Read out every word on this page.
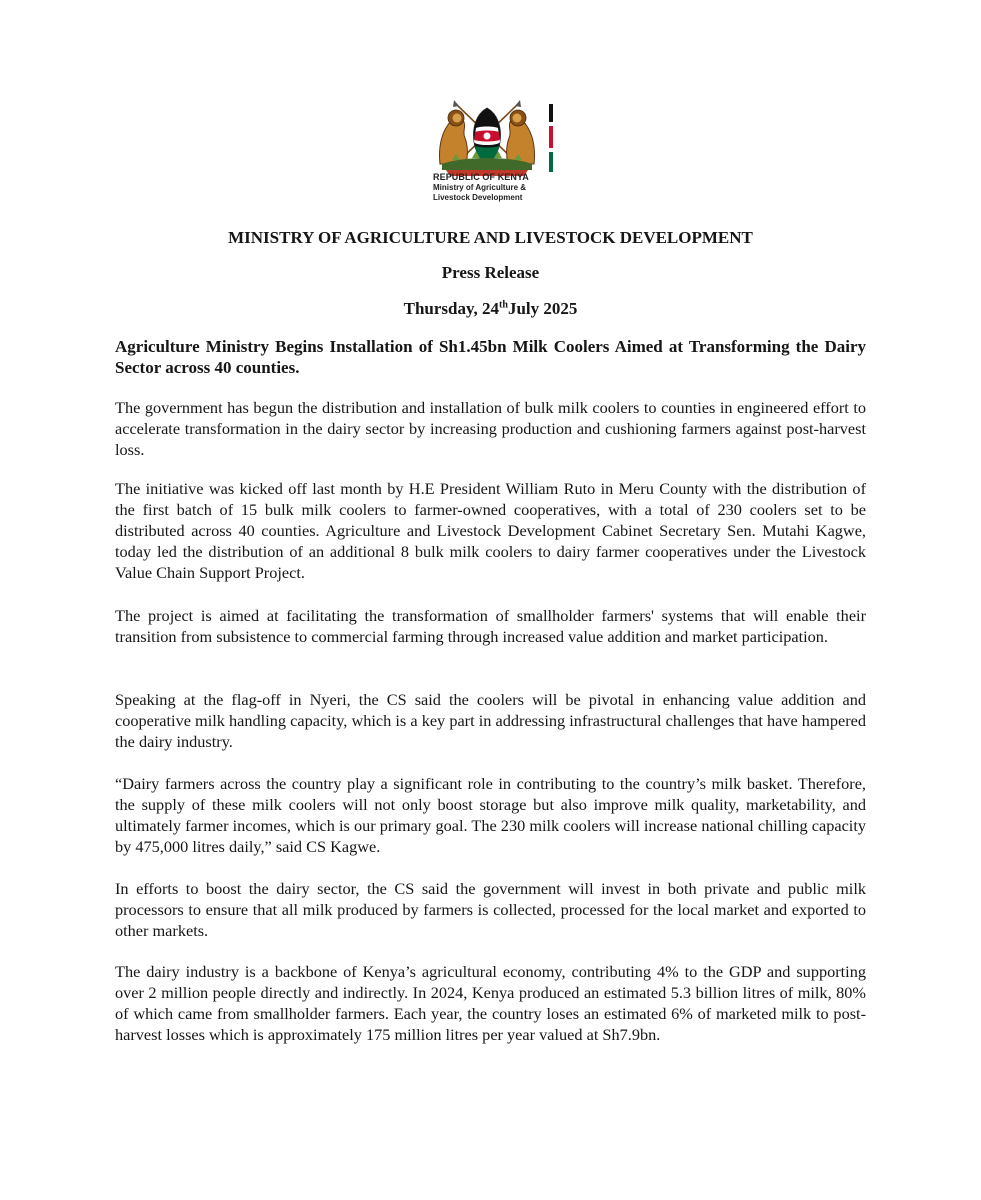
REPUBLIC OF KENYA
Ministry of Agriculture &
Livestock Development
MINISTRY OF AGRICULTURE AND LIVESTOCK DEVELOPMENT
Press Release
Thursday, 24thJuly 2025
Agriculture Ministry Begins Installation of Sh1.45bn Milk Coolers Aimed at Transforming the Dairy Sector across 40 counties.

The government has begun the distribution and installation of bulk milk coolers to counties in engineered effort to accelerate transformation in the dairy sector by increasing production and cushioning farmers against post-harvest loss.

The initiative was kicked off last month by H.E President William Ruto in Meru County with the distribution of the first batch of 15 bulk milk coolers to farmer-owned cooperatives, with a total of 230 coolers set to be distributed across 40 counties. Agriculture and Livestock Development Cabinet Secretary Sen. Mutahi Kagwe, today led the distribution of an additional 8 bulk milk coolers to dairy farmer cooperatives under the Livestock Value Chain Support Project.

The project is aimed at facilitating the transformation of smallholder farmers' systems that will enable their transition from subsistence to commercial farming through increased value addition and market participation.

Speaking at the flag-off in Nyeri, the CS said the coolers will be pivotal in enhancing value addition and cooperative milk handling capacity, which is a key part in addressing infrastructural challenges that have hampered the dairy industry.

“Dairy farmers across the country play a significant role in contributing to the country’s milk basket. Therefore, the supply of these milk coolers will not only boost storage but also improve milk quality, marketability, and ultimately farmer incomes, which is our primary goal. The 230 milk coolers will increase national chilling capacity by 475,000 litres daily,” said CS Kagwe.

In efforts to boost the dairy sector, the CS said the government will invest in both private and public milk processors to ensure that all milk produced by farmers is collected, processed for the local market and exported to other markets.

The dairy industry is a backbone of Kenya’s agricultural economy, contributing 4% to the GDP and supporting over 2 million people directly and indirectly. In 2024, Kenya produced an estimated 5.3 billion litres of milk, 80% of which came from smallholder farmers. Each year, the country loses an estimated 6% of marketed milk to post-harvest losses which is approximately 175 million litres per year valued at Sh7.9bn.
